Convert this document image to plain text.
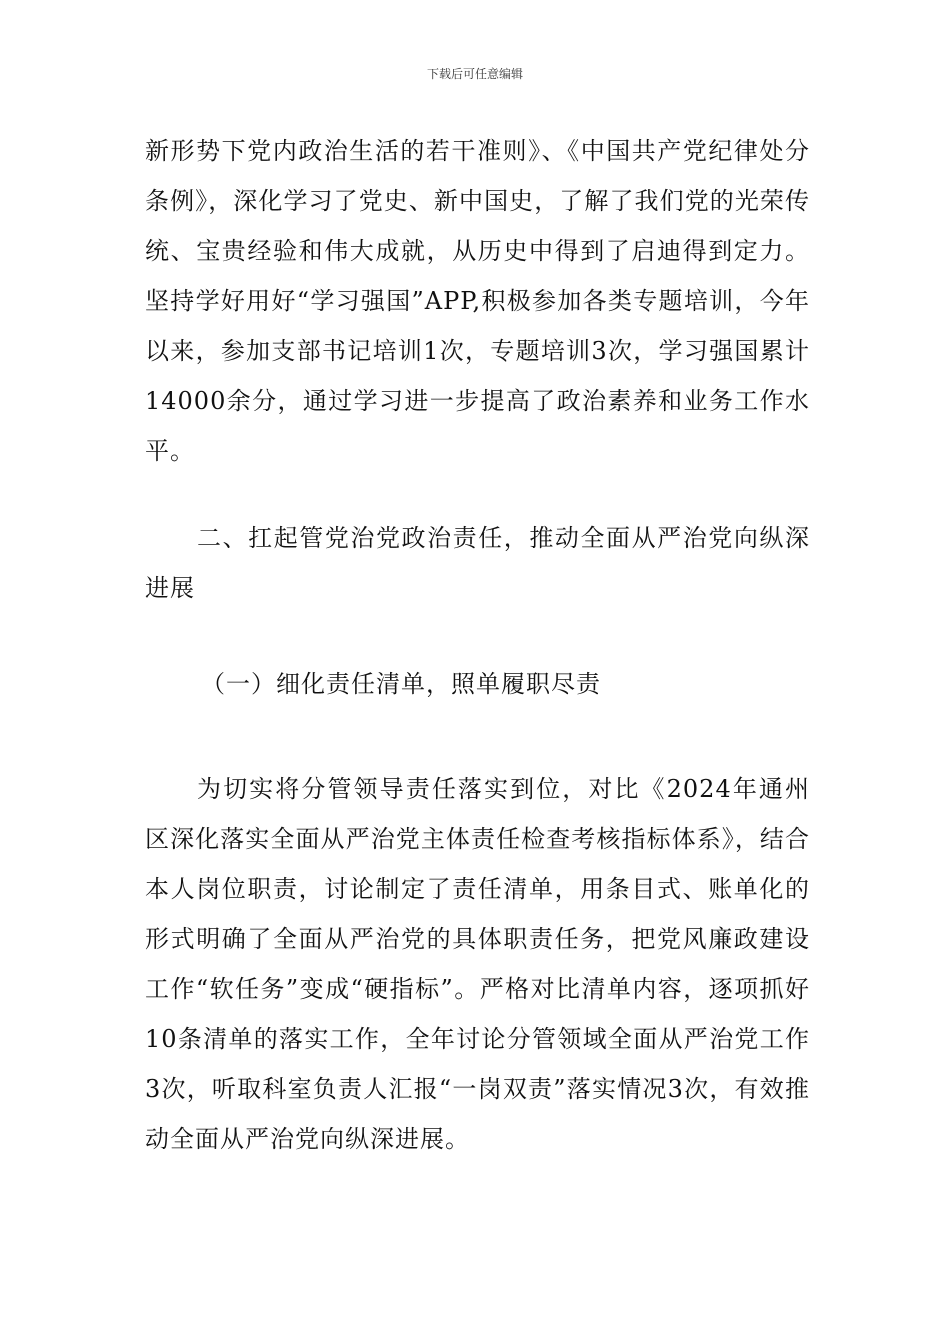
下载后可任意编辑

新形势下党内政治生活的若干准则》、《中国共产党纪律处分条例》，深化学习了党史、新中国史，了解了我们党的光荣传统、宝贵经验和伟大成就，从历史中得到了启迪得到定力。坚持学好用好“学习强国”APP,积极参加各类专题培训，今年以来，参加支部书记培训1次，专题培训3次，学习强国累计14000余分，通过学习进一步提高了政治素养和业务工作水平。

二、扛起管党治党政治责任，推动全面从严治党向纵深进展

（一）细化责任清单，照单履职尽责

为切实将分管领导责任落实到位，对比《2024年通州区深化落实全面从严治党主体责任检查考核指标体系》，结合本人岗位职责，讨论制定了责任清单，用条目式、账单化的形式明确了全面从严治党的具体职责任务，把党风廉政建设工作“软任务”变成“硬指标”。严格对比清单内容，逐项抓好10条清单的落实工作，全年讨论分管领域全面从严治党工作3次，听取科室负责人汇报“一岗双责”落实情况3次，有效推动全面从严治党向纵深进展。
